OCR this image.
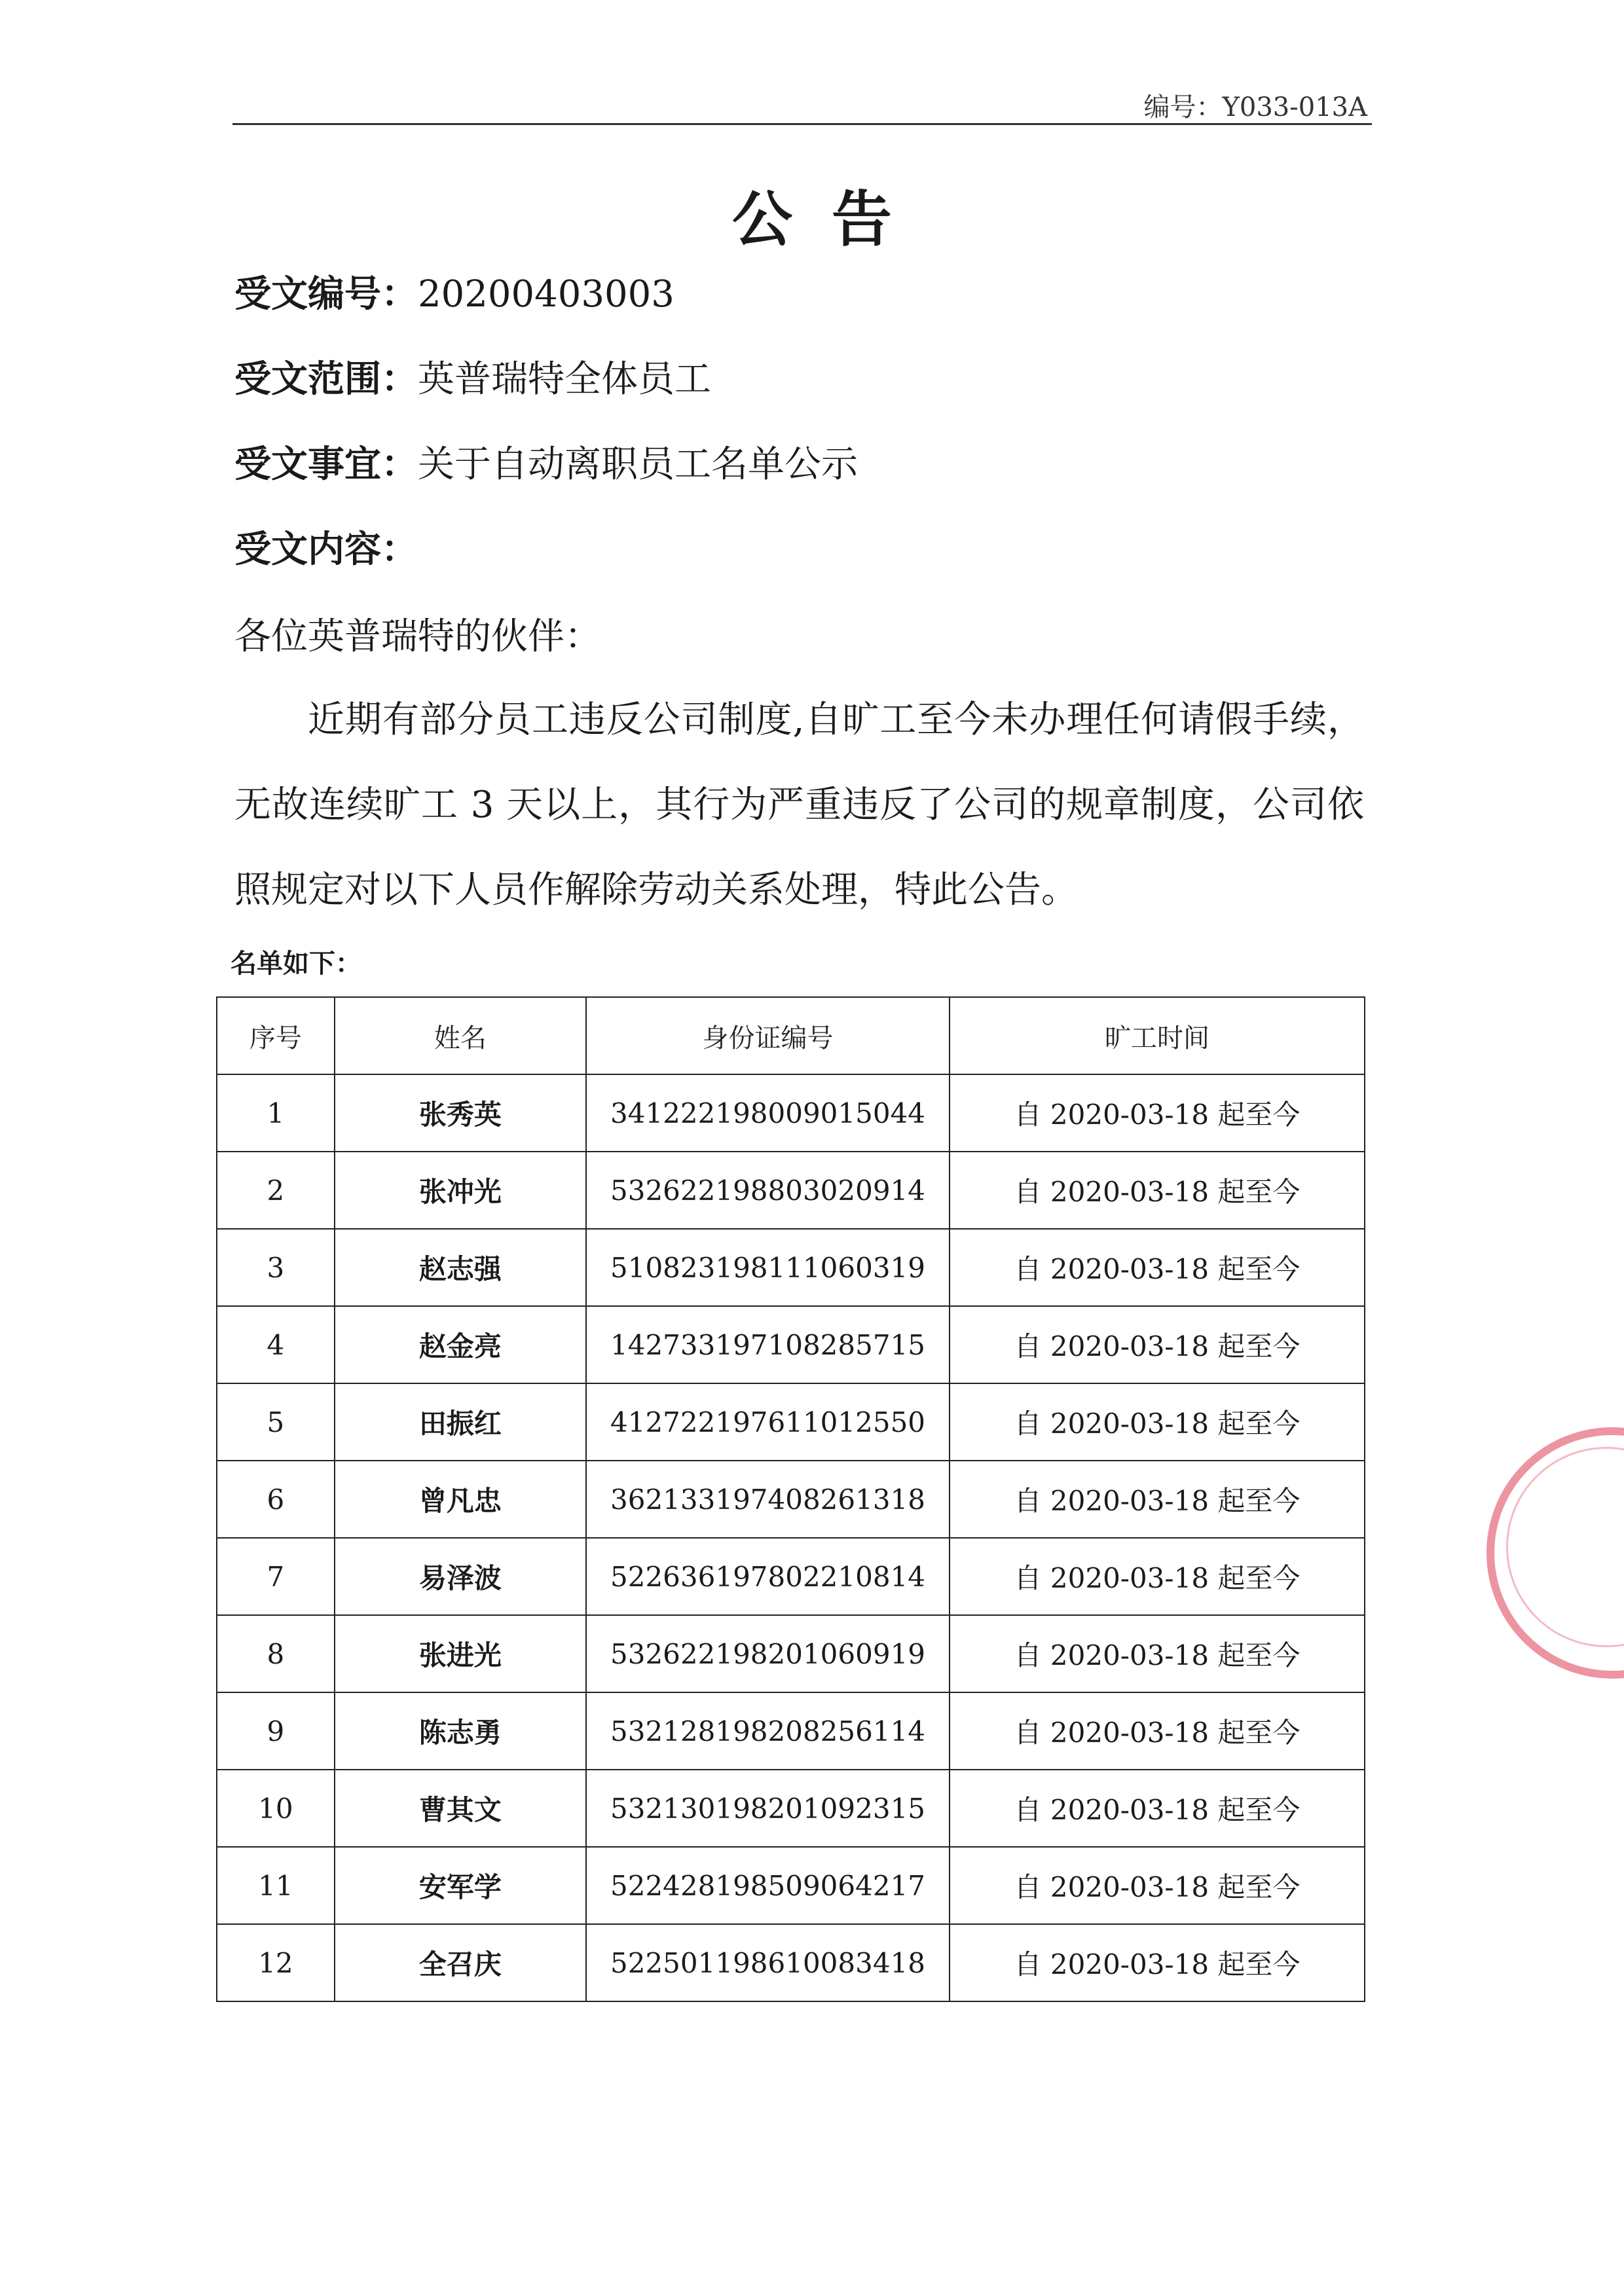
编号：Y033-013A
公告
受文编号：20200403003
受文范围：英普瑞特全体员工
受文事宜：关于自动离职员工名单公示
受文内容：
各位英普瑞特的伙伴：
近期有部分员工违反公司制度,自旷工至今未办理任何请假手续，无故连续旷工 3 天以上，其行为严重违反了公司的规章制度，公司依照规定对以下人员作解除劳动关系处理，特此公告。
名单如下：
序号	姓名	身份证编号	旷工时间
1	张秀英	341222198009015044	自 2020-03-18 起至今
2	张冲光	532622198803020914	自 2020-03-18 起至今
3	赵志强	510823198111060319	自 2020-03-18 起至今
4	赵金亮	142733197108285715	自 2020-03-18 起至今
5	田振红	412722197611012550	自 2020-03-18 起至今
6	曾凡忠	362133197408261318	自 2020-03-18 起至今
7	易泽波	522636197802210814	自 2020-03-18 起至今
8	张进光	532622198201060919	自 2020-03-18 起至今
9	陈志勇	532128198208256114	自 2020-03-18 起至今
10	曹其文	532130198201092315	自 2020-03-18 起至今
11	安军学	522428198509064217	自 2020-03-18 起至今
12	全召庆	522501198610083418	自 2020-03-18 起至今
